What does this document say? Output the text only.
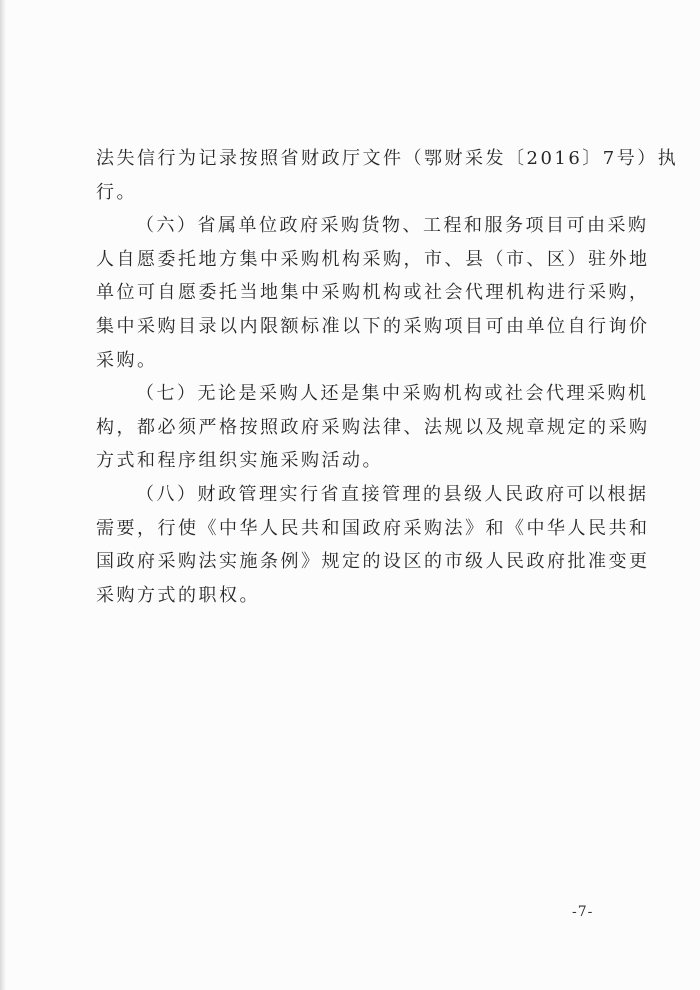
法失信行为记录按照省财政厅文件（鄂财采发〔2016〕7号）执
行。
（六）省属单位政府采购货物、工程和服务项目可由采购
人自愿委托地方集中采购机构采购，市、县（市、区）驻外地
单位可自愿委托当地集中采购机构或社会代理机构进行采购，
集中采购目录以内限额标准以下的采购项目可由单位自行询价
采购。
（七）无论是采购人还是集中采购机构或社会代理采购机
构，都必须严格按照政府采购法律、法规以及规章规定的采购
方式和程序组织实施采购活动。
（八）财政管理实行省直接管理的县级人民政府可以根据
需要，行使《中华人民共和国政府采购法》和《中华人民共和
国政府采购法实施条例》规定的设区的市级人民政府批准变更
采购方式的职权。
-7-
